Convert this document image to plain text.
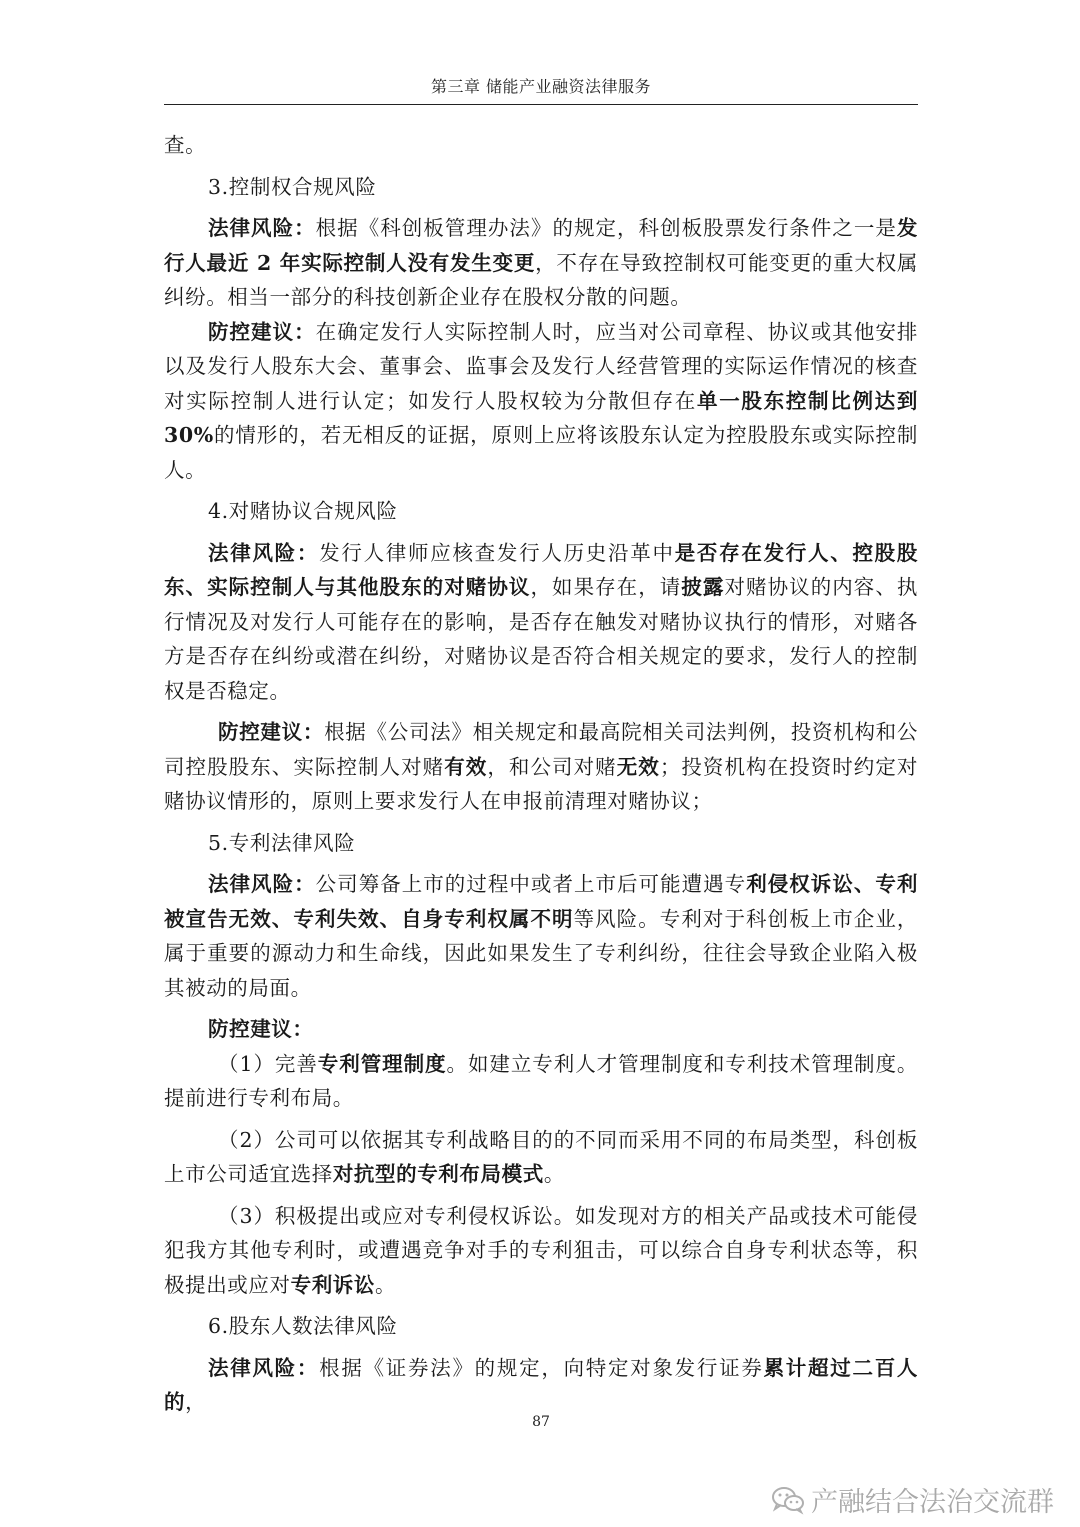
第三章 储能产业融资法律服务

查。

3.控制权合规风险

法律风险：根据《科创板管理办法》的规定，科创板股票发行条件之一是发行人最近 2 年实际控制人没有发生变更，不存在导致控制权可能变更的重大权属纠纷。相当一部分的科技创新企业存在股权分散的问题。

防控建议：在确定发行人实际控制人时，应当对公司章程、协议或其他安排以及发行人股东大会、董事会、监事会及发行人经营管理的实际运作情况的核查对实际控制人进行认定；如发行人股权较为分散但存在单一股东控制比例达到 30%的情形的，若无相反的证据，原则上应将该股东认定为控股股东或实际控制人。

4.对赌协议合规风险

法律风险：发行人律师应核查发行人历史沿革中是否存在发行人、控股股东、实际控制人与其他股东的对赌协议，如果存在，请披露对赌协议的内容、执行情况及对发行人可能存在的影响，是否存在触发对赌协议执行的情形，对赌各方是否存在纠纷或潜在纠纷，对赌协议是否符合相关规定的要求，发行人的控制权是否稳定。

防控建议：根据《公司法》相关规定和最高院相关司法判例，投资机构和公司控股股东、实际控制人对赌有效，和公司对赌无效；投资机构在投资时约定对赌协议情形的，原则上要求发行人在申报前清理对赌协议；

5.专利法律风险

法律风险：公司筹备上市的过程中或者上市后可能遭遇专利侵权诉讼、专利被宣告无效、专利失效、自身专利权属不明等风险。专利对于科创板上市企业，属于重要的源动力和生命线，因此如果发生了专利纠纷，往往会导致企业陷入极其被动的局面。

防控建议：

（1）完善专利管理制度。如建立专利人才管理制度和专利技术管理制度。提前进行专利布局。

（2）公司可以依据其专利战略目的的不同而采用不同的布局类型，科创板上市公司适宜选择对抗型的专利布局模式。

（3）积极提出或应对专利侵权诉讼。如发现对方的相关产品或技术可能侵犯我方其他专利时，或遭遇竞争对手的专利狙击，可以综合自身专利状态等，积极提出或应对专利诉讼。

6.股东人数法律风险

法律风险：根据《证券法》的规定，向特定对象发行证券累计超过二百人的，

87
产融结合法治交流群
